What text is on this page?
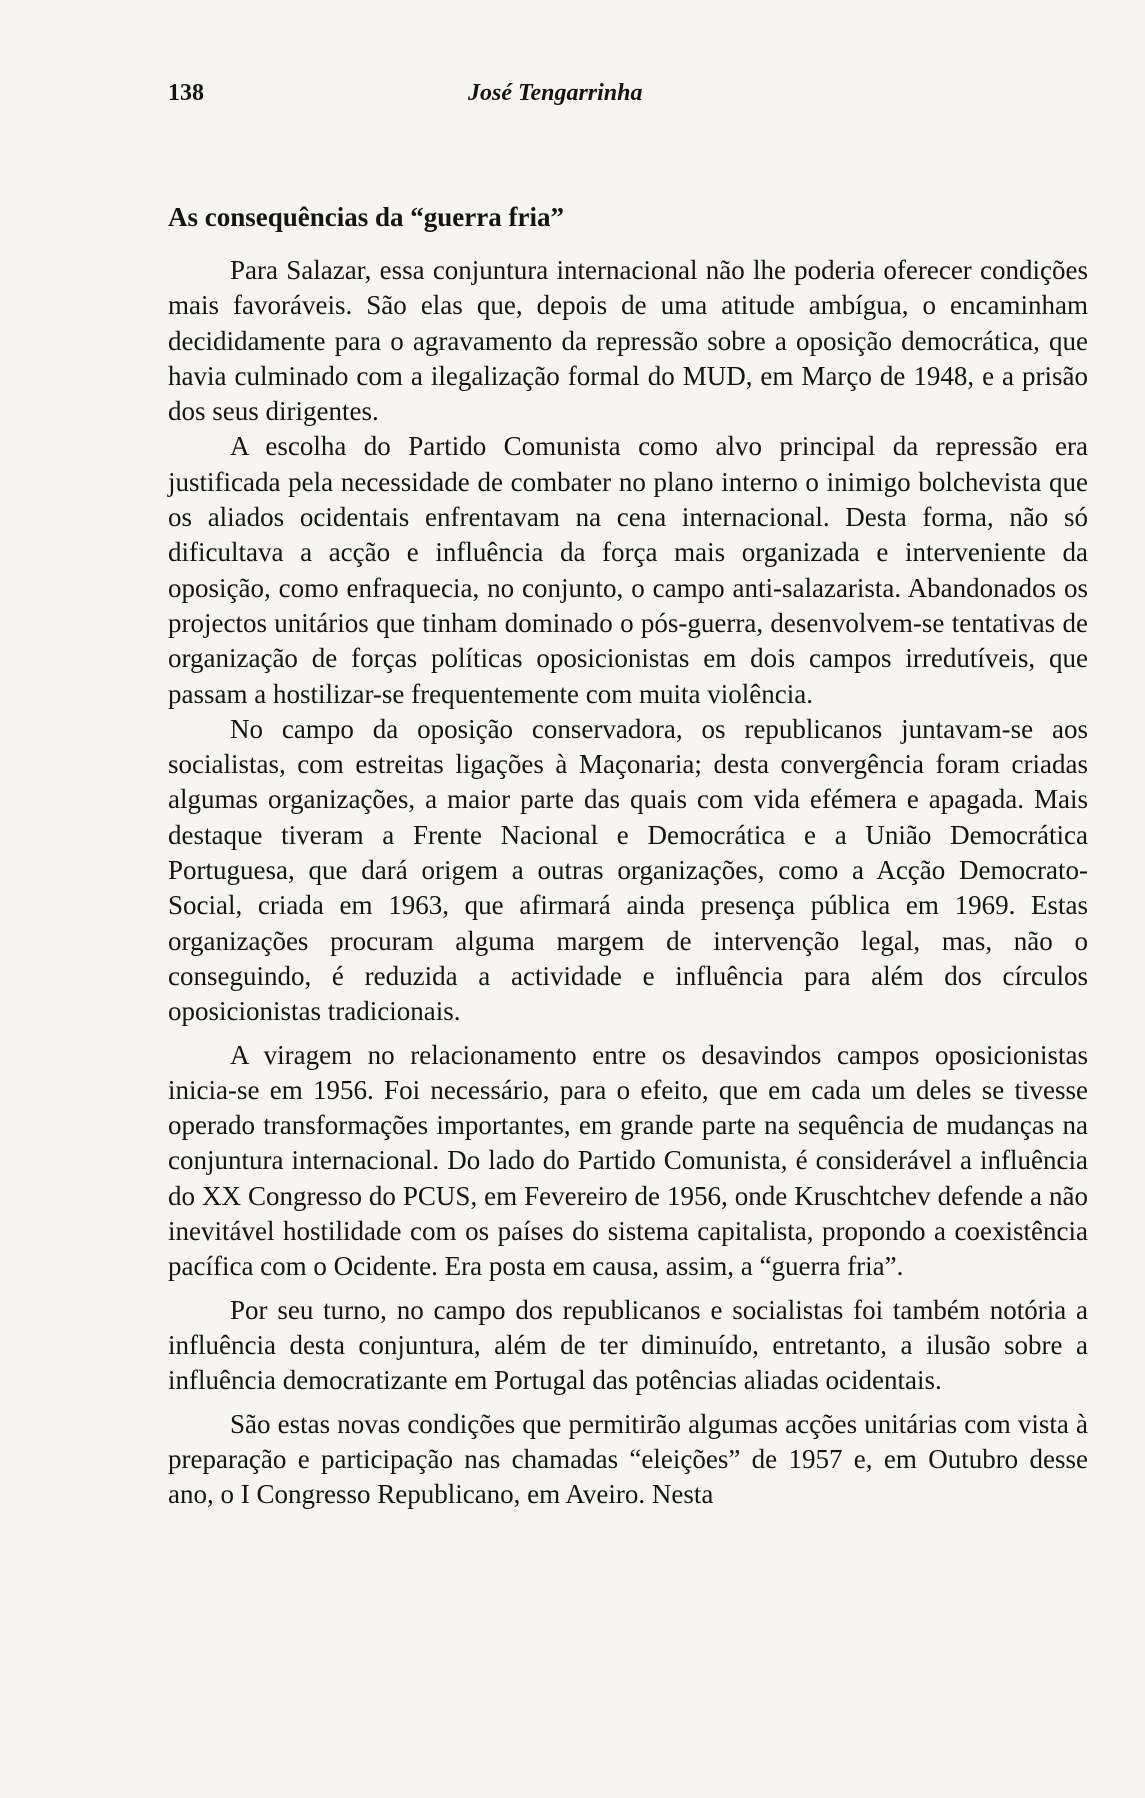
138	José Tengarrinha
As consequências da “guerra fria”

Para Salazar, essa conjuntura internacional não lhe poderia oferecer condições mais favoráveis. São elas que, depois de uma atitude ambígua, o encaminham decididamente para o agravamento da repressão sobre a oposição democrática, que havia culminado com a ilegalização formal do MUD, em Março de 1948, e a prisão dos seus dirigentes.

A escolha do Partido Comunista como alvo principal da repressão era justificada pela necessidade de combater no plano interno o inimigo bolchevista que os aliados ocidentais enfrentavam na cena internacional. Desta forma, não só dificultava a acção e influência da força mais organizada e interveniente da oposição, como enfraquecia, no conjunto, o campo anti-salazarista. Abandonados os projectos unitários que tinham dominado o pós-guerra, desenvolvem-se tentativas de organização de forças políticas oposicionistas em dois campos irredutíveis, que passam a hostilizar-se frequentemente com muita violência.

No campo da oposição conservadora, os republicanos juntavam-se aos socialistas, com estreitas ligações à Maçonaria; desta convergência foram criadas algumas organizações, a maior parte das quais com vida efémera e apagada. Mais destaque tiveram a Frente Nacional e Democrática e a União Democrática Portuguesa, que dará origem a outras organizações, como a Acção Democrato-Social, criada em 1963, que afirmará ainda presença pública em 1969. Estas organizações procuram alguma margem de intervenção legal, mas, não o conseguindo, é reduzida a actividade e influência para além dos círculos oposicionistas tradicionais.

A viragem no relacionamento entre os desavindos campos oposicionistas inicia-se em 1956. Foi necessário, para o efeito, que em cada um deles se tivesse operado transformações importantes, em grande parte na sequência de mudanças na conjuntura internacional. Do lado do Partido Comunista, é considerável a influência do XX Congresso do PCUS, em Fevereiro de 1956, onde Kruschtchev defende a não inevitável hostilidade com os países do sistema capitalista, propondo a coexistência pacífica com o Ocidente. Era posta em causa, assim, a “guerra fria”.

Por seu turno, no campo dos republicanos e socialistas foi também notória a influência desta conjuntura, além de ter diminuído, entretanto, a ilusão sobre a influência democratizante em Portugal das potências aliadas ocidentais.

São estas novas condições que permitirão algumas acções unitárias com vista à preparação e participação nas chamadas “eleições” de 1957 e, em Outubro desse ano, o I Congresso Republicano, em Aveiro. Nesta
